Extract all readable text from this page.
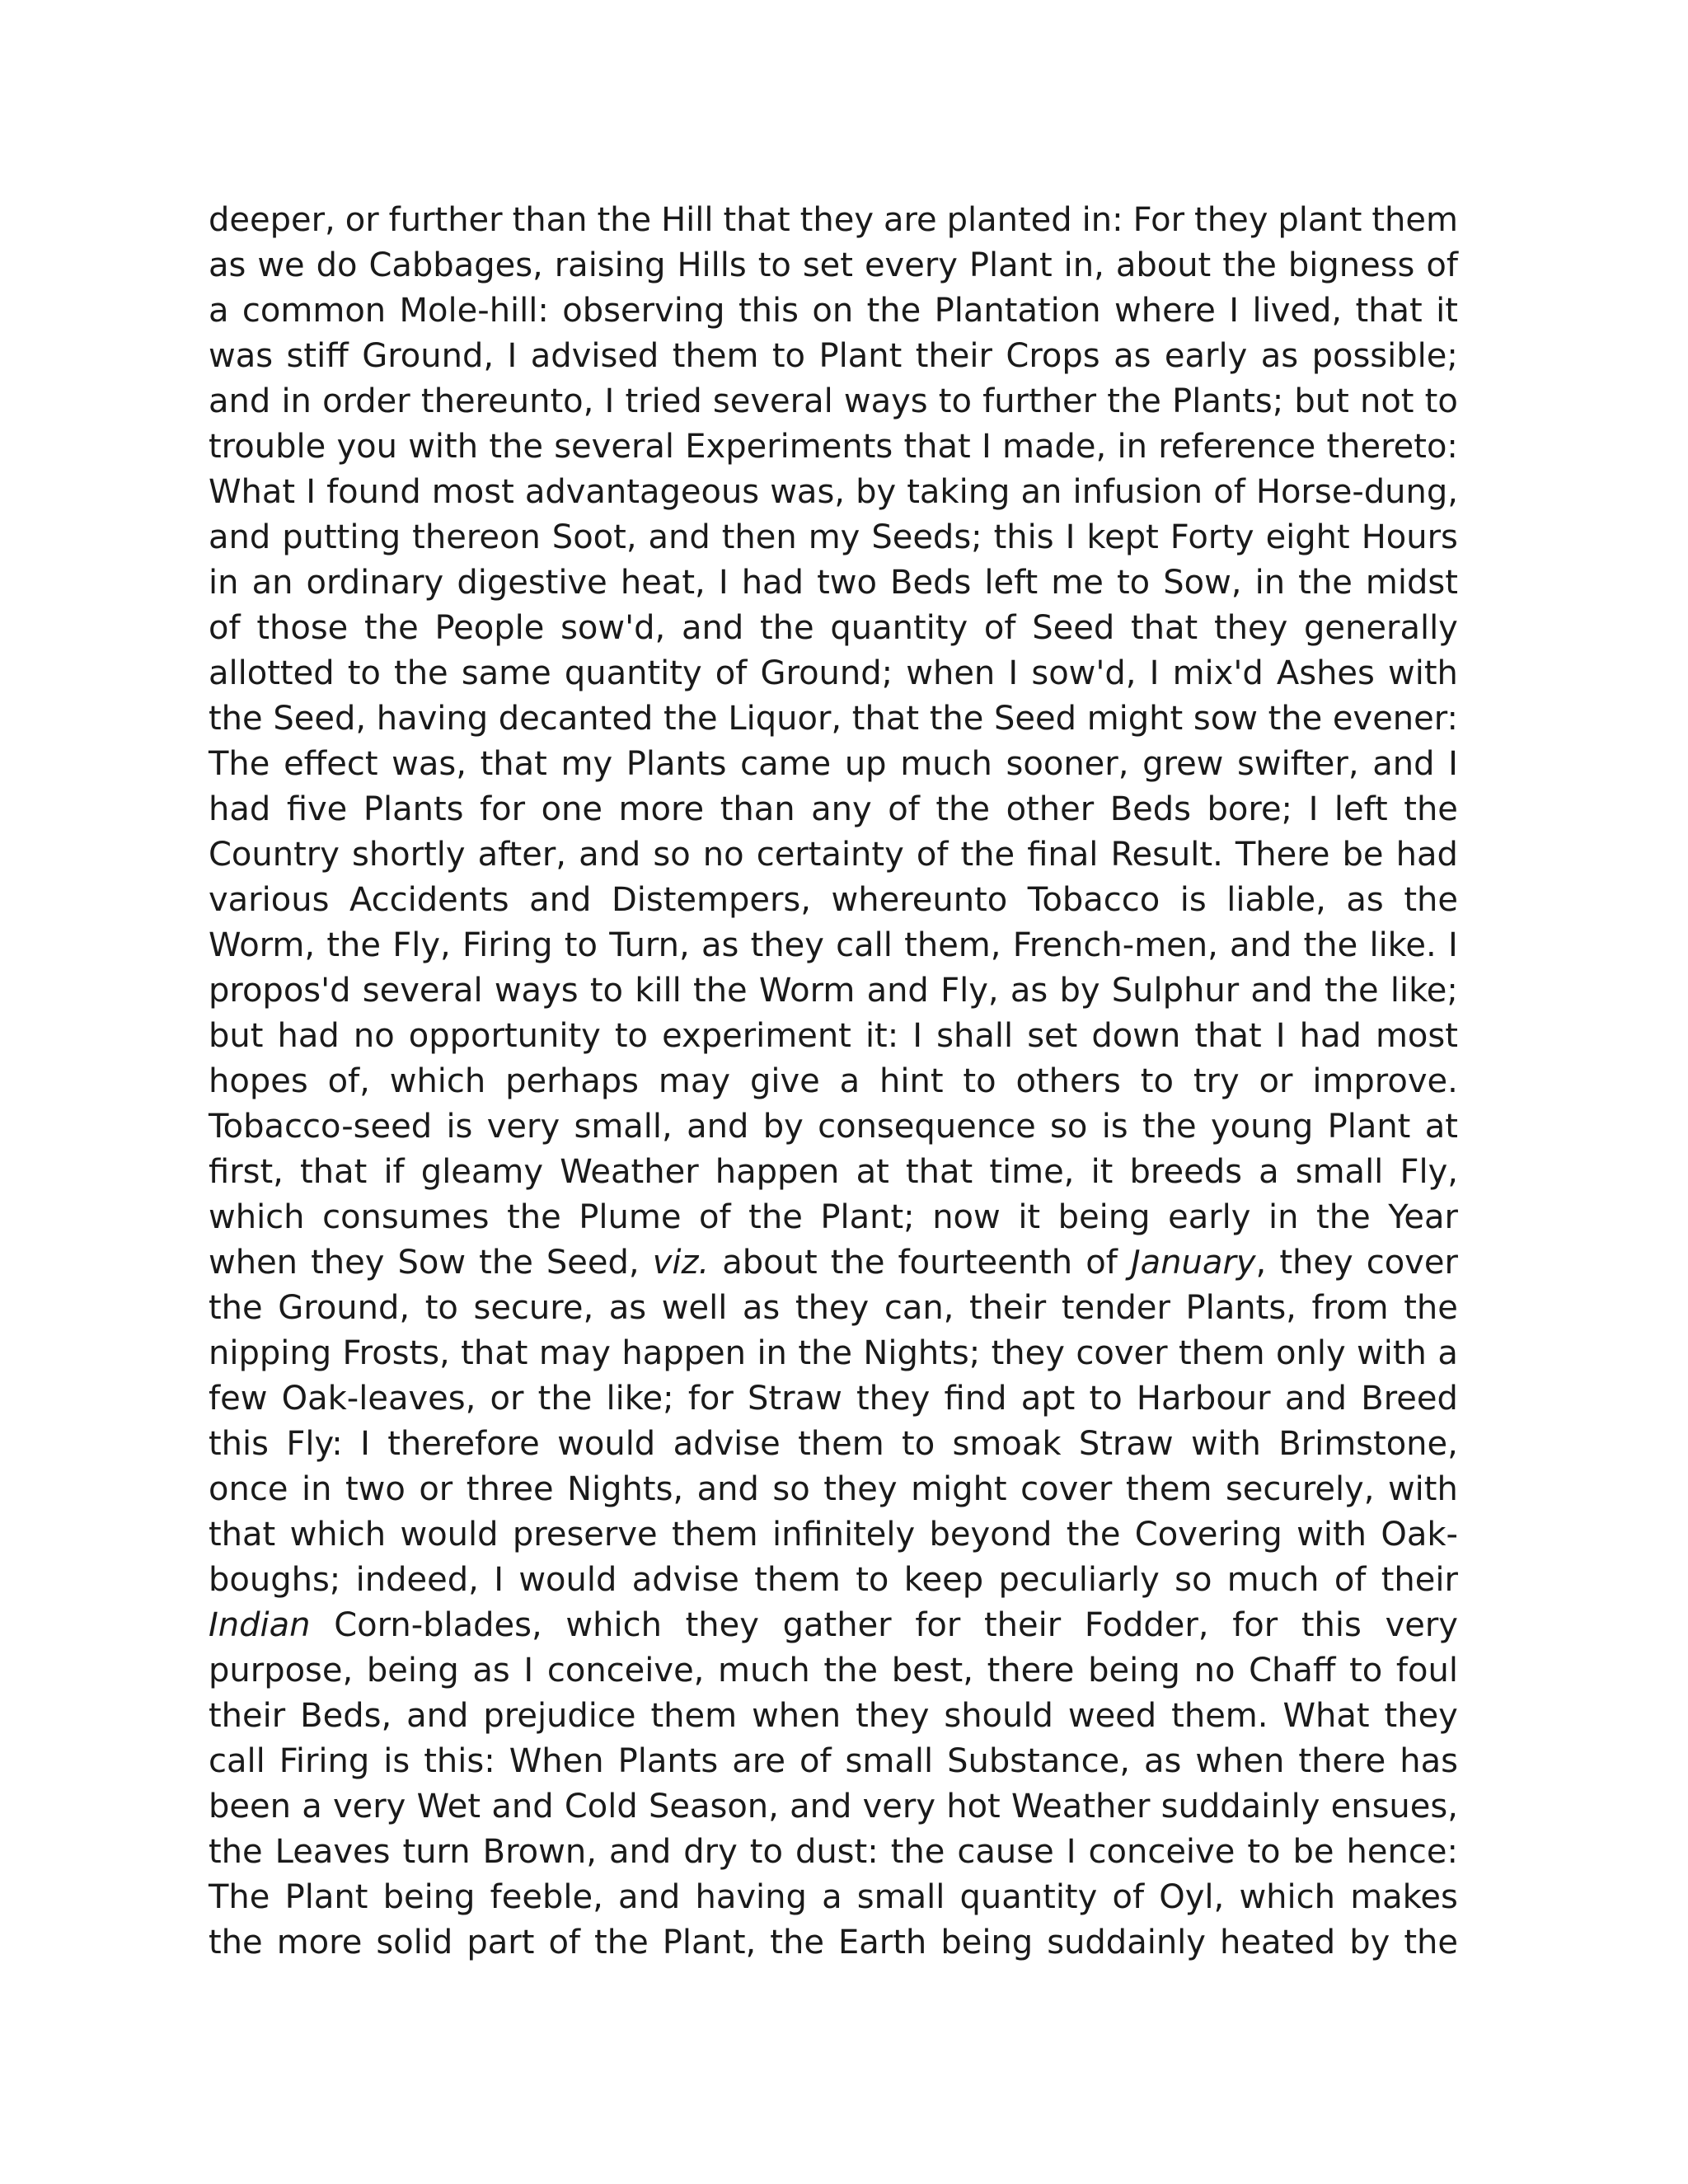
deeper, or further than the Hill that they are planted in: For they plant them
as we do Cabbages, raising Hills to set every Plant in, about the bigness of
a common Mole-hill: observing this on the Plantation where I lived, that it
was stiff Ground, I advised them to Plant their Crops as early as possible;
and in order thereunto, I tried several ways to further the Plants; but not to
trouble you with the several Experiments that I made, in reference thereto:
What I found most advantageous was, by taking an infusion of Horse-dung,
and putting thereon Soot, and then my Seeds; this I kept Forty eight Hours
in an ordinary digestive heat, I had two Beds left me to Sow, in the midst
of those the People sow'd, and the quantity of Seed that they generally
allotted to the same quantity of Ground; when I sow'd, I mix'd Ashes with
the Seed, having decanted the Liquor, that the Seed might sow the evener:
The effect was, that my Plants came up much sooner, grew swifter, and I
had five Plants for one more than any of the other Beds bore; I left the
Country shortly after, and so no certainty of the final Result. There be had
various Accidents and Distempers, whereunto Tobacco is liable, as the
Worm, the Fly, Firing to Turn, as they call them, French-men, and the like. I
propos'd several ways to kill the Worm and Fly, as by Sulphur and the like;
but had no opportunity to experiment it: I shall set down that I had most
hopes of, which perhaps may give a hint to others to try or improve.
Tobacco-seed is very small, and by consequence so is the young Plant at
first, that if gleamy Weather happen at that time, it breeds a small Fly,
which consumes the Plume of the Plant; now it being early in the Year
when they Sow the Seed, viz. about the fourteenth of January, they cover
the Ground, to secure, as well as they can, their tender Plants, from the
nipping Frosts, that may happen in the Nights; they cover them only with a
few Oak-leaves, or the like; for Straw they find apt to Harbour and Breed
this Fly: I therefore would advise them to smoak Straw with Brimstone,
once in two or three Nights, and so they might cover them securely, with
that which would preserve them infinitely beyond the Covering with Oak-
boughs; indeed, I would advise them to keep peculiarly so much of their
Indian Corn-blades, which they gather for their Fodder, for this very
purpose, being as I conceive, much the best, there being no Chaff to foul
their Beds, and prejudice them when they should weed them. What they
call Firing is this: When Plants are of small Substance, as when there has
been a very Wet and Cold Season, and very hot Weather suddainly ensues,
the Leaves turn Brown, and dry to dust: the cause I conceive to be hence:
The Plant being feeble, and having a small quantity of Oyl, which makes
the more solid part of the Plant, the Earth being suddainly heated by the
